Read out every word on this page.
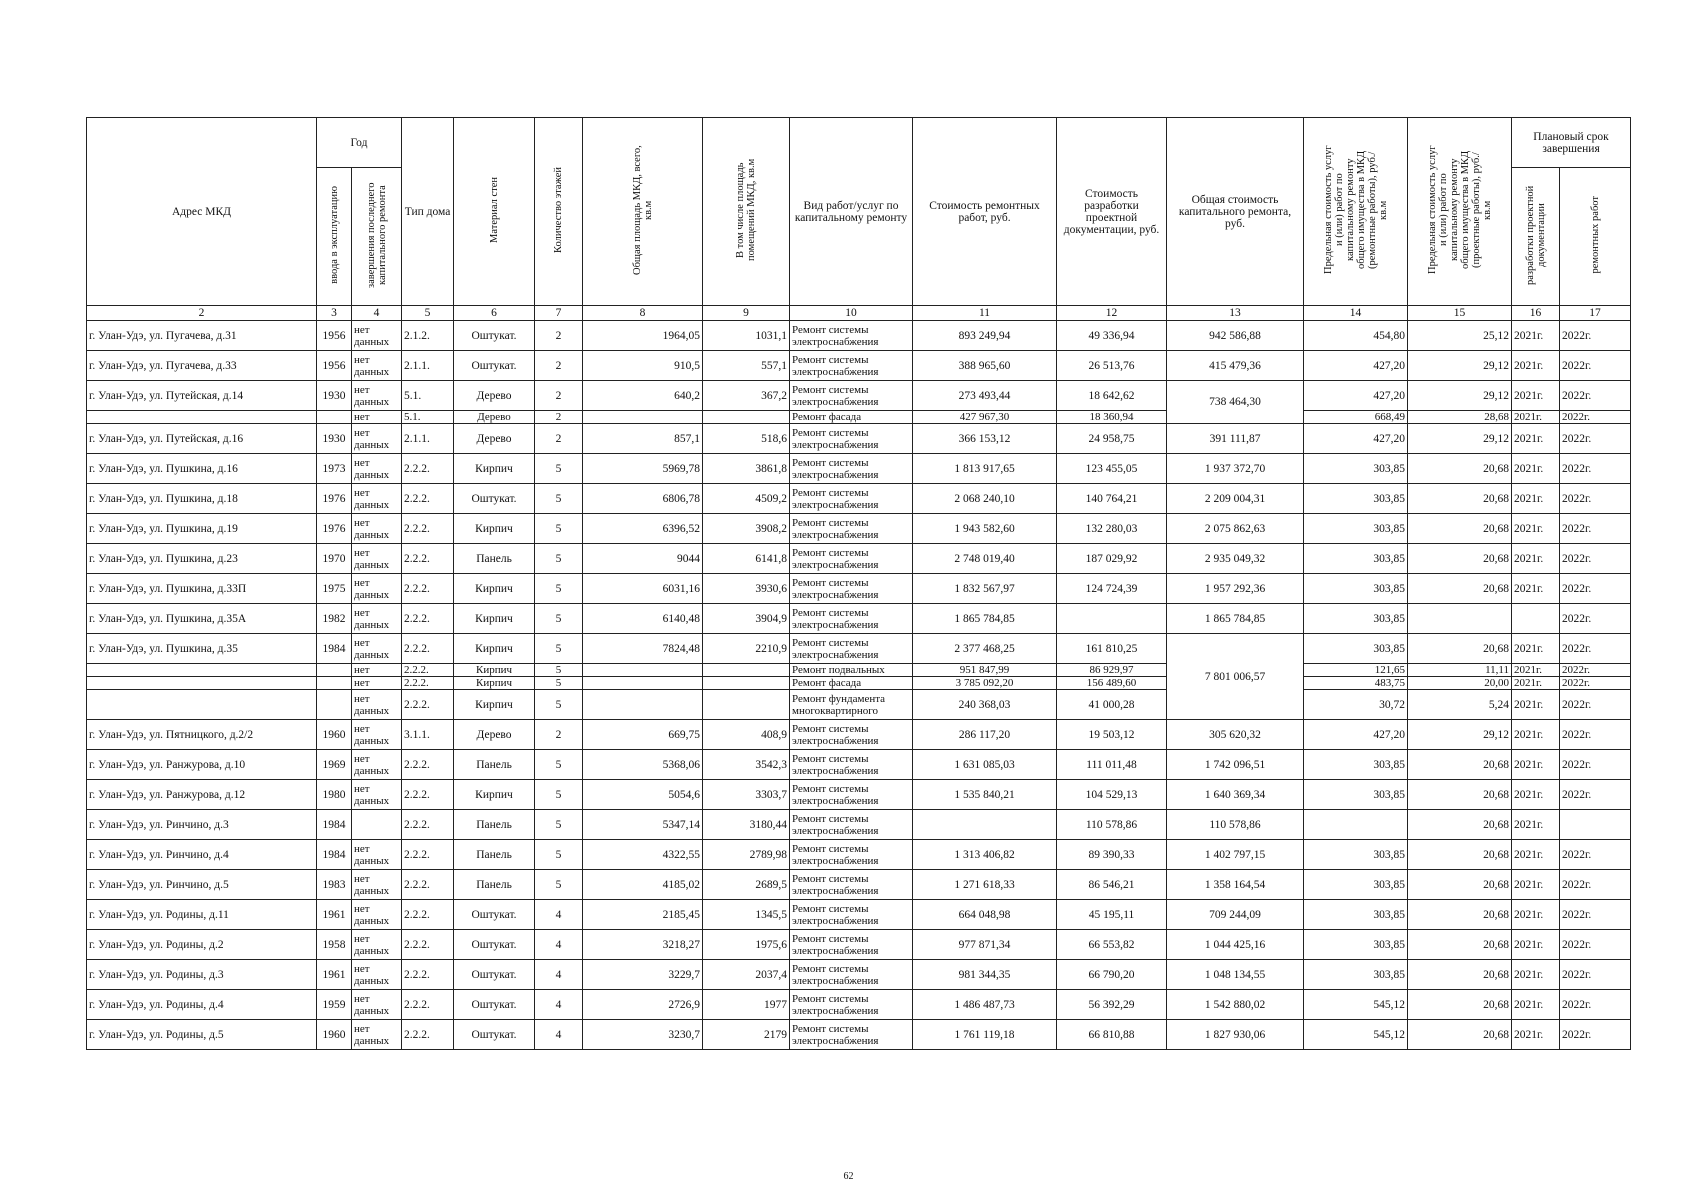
Адрес МКД	Год		Тип дома	Материал стен	Количество этажей	Общая площадь МКД, всего, кв.м	В том числе площадь помещений МКД, кв.м	Вид работ/услуг по капитальному ремонту	Стоимость ремонтных работ, руб.	Стоимость разработки проектной документации, руб.	Общая стоимость капитального ремонта, руб.	Предельная стоимость услуг и (или) работ по капитальному ремонту общего имущества в МКД (ремонтные работы), руб./кв.м	Предельная стоимость услуг и (или) работ по капитальному ремонту общего имущества в МКД (проектные работы), руб./кв.м	Плановый срок завершения	
	ввода в эксплуатацию	завершения последнего капитального ремонта												разработки проектной документации	ремонтных работ
2	3	4	5	6	7	8	9	10	11	12	13	14	15	16	17
г. Улан-Удэ, ул. Пугачева, д.31	1956	нет данных	2.1.2.	Оштукат.	2	1964,05	1031,1	Ремонт системы электроснабжения	893 249,94	49 336,94	942 586,88	454,80	25,12	2021г.	2022г.
г. Улан-Удэ, ул. Пугачева, д.33	1956	нет данных	2.1.1.	Оштукат.	2	910,5	557,1	Ремонт системы электроснабжения	388 965,60	26 513,76	415 479,36	427,20	29,12	2021г.	2022г.
г. Улан-Удэ, ул. Путейская, д.14	1930	нет данных	5.1.	Дерево	2	640,2	367,2	Ремонт системы электроснабжения	273 493,44	18 642,62	738 464,30	427,20	29,12	2021г.	2022г.
		нет	5.1.	Дерево	2			Ремонт фасада	427 967,30	18 360,94		668,49	28,68	2021г.	2022г.
г. Улан-Удэ, ул. Путейская, д.16	1930	нет данных	2.1.1.	Дерево	2	857,1	518,6	Ремонт системы электроснабжения	366 153,12	24 958,75	391 111,87	427,20	29,12	2021г.	2022г.
г. Улан-Удэ, ул. Пушкина, д.16	1973	нет данных	2.2.2.	Кирпич	5	5969,78	3861,8	Ремонт системы электроснабжения	1 813 917,65	123 455,05	1 937 372,70	303,85	20,68	2021г.	2022г.
г. Улан-Удэ, ул. Пушкина, д.18	1976	нет данных	2.2.2.	Оштукат.	5	6806,78	4509,2	Ремонт системы электроснабжения	2 068 240,10	140 764,21	2 209 004,31	303,85	20,68	2021г.	2022г.
г. Улан-Удэ, ул. Пушкина, д.19	1976	нет данных	2.2.2.	Кирпич	5	6396,52	3908,2	Ремонт системы электроснабжения	1 943 582,60	132 280,03	2 075 862,63	303,85	20,68	2021г.	2022г.
г. Улан-Удэ, ул. Пушкина, д.23	1970	нет данных	2.2.2.	Панель	5	9044	6141,8	Ремонт системы электроснабжения	2 748 019,40	187 029,92	2 935 049,32	303,85	20,68	2021г.	2022г.
г. Улан-Удэ, ул. Пушкина, д.33П	1975	нет данных	2.2.2.	Кирпич	5	6031,16	3930,6	Ремонт системы электроснабжения	1 832 567,97	124 724,39	1 957 292,36	303,85	20,68	2021г.	2022г.
г. Улан-Удэ, ул. Пушкина, д.35А	1982	нет данных	2.2.2.	Кирпич	5	6140,48	3904,9	Ремонт системы электроснабжения	1 865 784,85		1 865 784,85	303,85			2022г.
г. Улан-Удэ, ул. Пушкина, д.35	1984	нет данных	2.2.2.	Кирпич	5	7824,48	2210,9	Ремонт системы электроснабжения	2 377 468,25	161 810,25	7 801 006,57	303,85	20,68	2021г.	2022г.
		нет	2.2.2.	Кирпич	5			Ремонт подвальных	951 847,99	86 929,97		121,65	11,11	2021г.	2022г.
		нет	2.2.2.	Кирпич	5			Ремонт фасада	3 785 092,20	156 489,60		483,75	20,00	2021г.	2022г.
		нет данных	2.2.2.	Кирпич	5			Ремонт фундамента многоквартирного	240 368,03	41 000,28		30,72	5,24	2021г.	2022г.
г. Улан-Удэ, ул. Пятницкого, д.2/2	1960	нет данных	3.1.1.	Дерево	2	669,75	408,9	Ремонт системы электроснабжения	286 117,20	19 503,12	305 620,32	427,20	29,12	2021г.	2022г.
г. Улан-Удэ, ул. Ранжурова, д.10	1969	нет данных	2.2.2.	Панель	5	5368,06	3542,3	Ремонт системы электроснабжения	1 631 085,03	111 011,48	1 742 096,51	303,85	20,68	2021г.	2022г.
г. Улан-Удэ, ул. Ранжурова, д.12	1980	нет данных	2.2.2.	Кирпич	5	5054,6	3303,7	Ремонт системы электроснабжения	1 535 840,21	104 529,13	1 640 369,34	303,85	20,68	2021г.	2022г.
г. Улан-Удэ, ул. Ринчино, д.3	1984		2.2.2.	Панель	5	5347,14	3180,44	Ремонт системы электроснабжения		110 578,86	110 578,86		20,68	2021г.	
г. Улан-Удэ, ул. Ринчино, д.4	1984	нет данных	2.2.2.	Панель	5	4322,55	2789,98	Ремонт системы электроснабжения	1 313 406,82	89 390,33	1 402 797,15	303,85	20,68	2021г.	2022г.
г. Улан-Удэ, ул. Ринчино, д.5	1983	нет данных	2.2.2.	Панель	5	4185,02	2689,5	Ремонт системы электроснабжения	1 271 618,33	86 546,21	1 358 164,54	303,85	20,68	2021г.	2022г.
г. Улан-Удэ, ул. Родины, д.11	1961	нет данных	2.2.2.	Оштукат.	4	2185,45	1345,5	Ремонт системы электроснабжения	664 048,98	45 195,11	709 244,09	303,85	20,68	2021г.	2022г.
г. Улан-Удэ, ул. Родины, д.2	1958	нет данных	2.2.2.	Оштукат.	4	3218,27	1975,6	Ремонт системы электроснабжения	977 871,34	66 553,82	1 044 425,16	303,85	20,68	2021г.	2022г.
г. Улан-Удэ, ул. Родины, д.3	1961	нет данных	2.2.2.	Оштукат.	4	3229,7	2037,4	Ремонт системы электроснабжения	981 344,35	66 790,20	1 048 134,55	303,85	20,68	2021г.	2022г.
г. Улан-Удэ, ул. Родины, д.4	1959	нет данных	2.2.2.	Оштукат.	4	2726,9	1977	Ремонт системы электроснабжения	1 486 487,73	56 392,29	1 542 880,02	545,12	20,68	2021г.	2022г.
г. Улан-Удэ, ул. Родины, д.5	1960	нет данных	2.2.2.	Оштукат.	4	3230,7	2179	Ремонт системы электроснабжения	1 761 119,18	66 810,88	1 827 930,06	545,12	20,68	2021г.	2022г.
62
